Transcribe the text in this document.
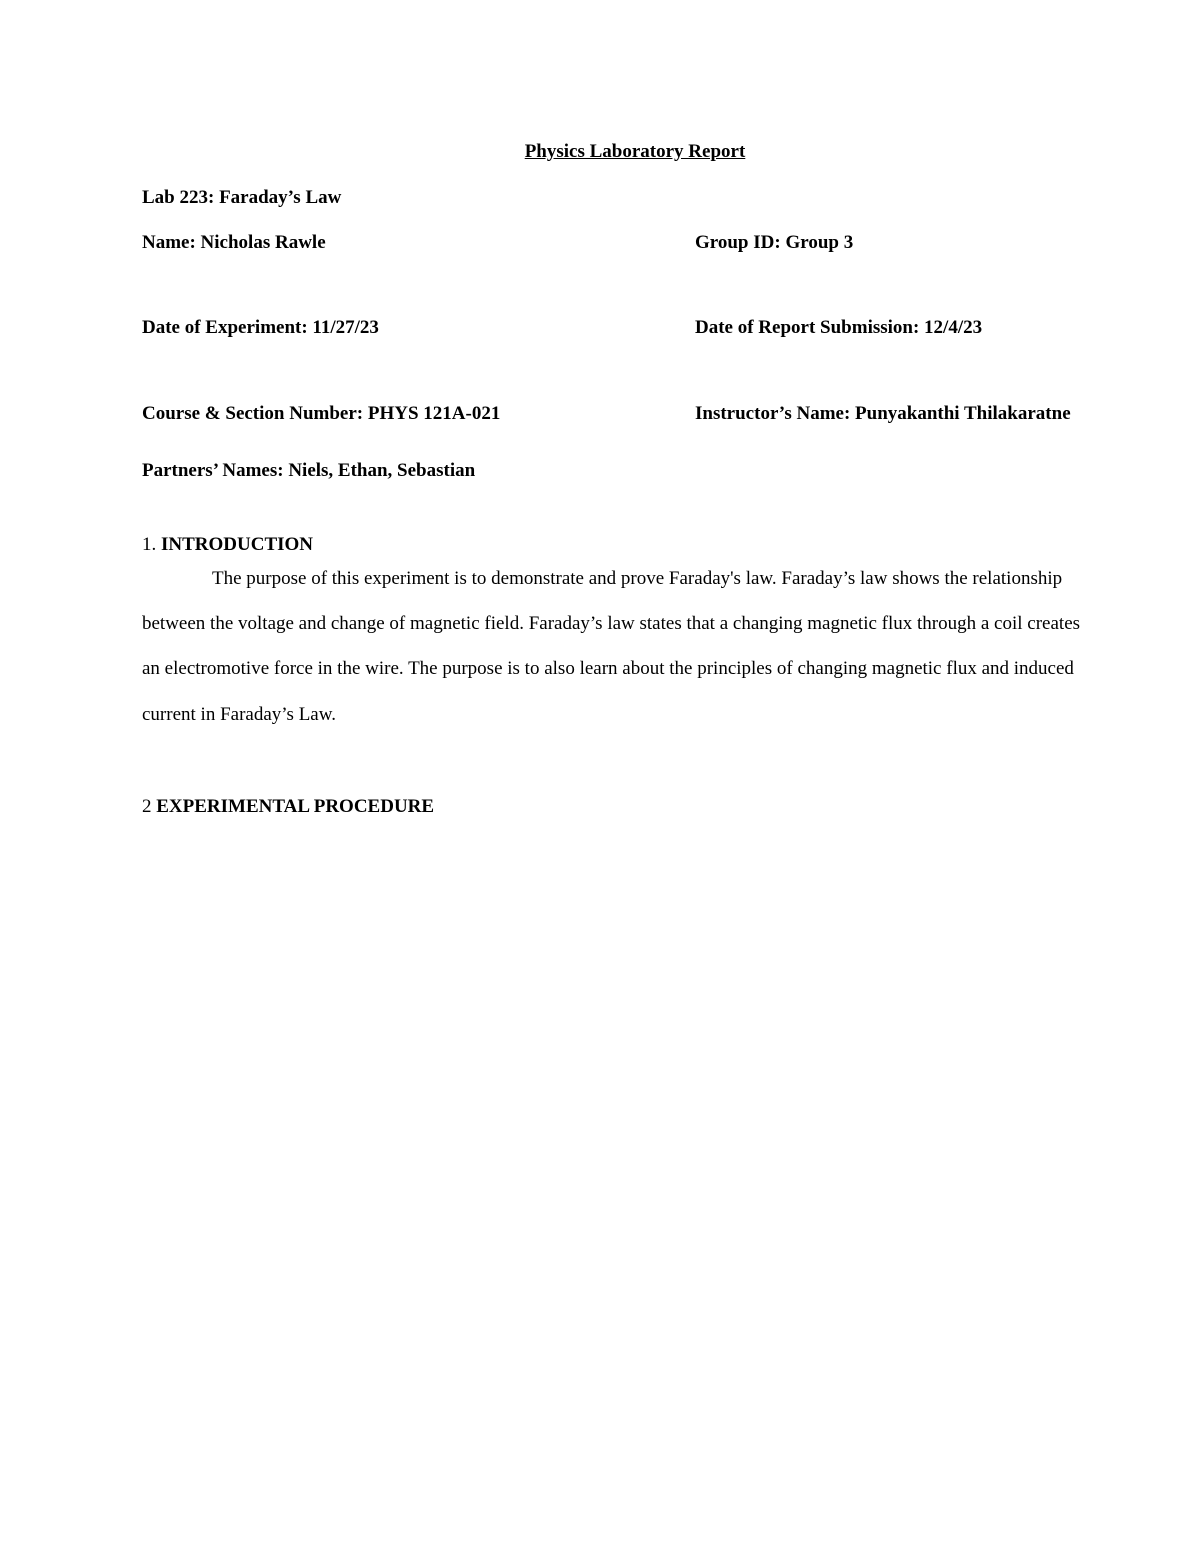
Physics Laboratory Report
Lab 223: Faraday’s Law
Name: Nicholas Rawle	Group ID: Group 3
Date of Experiment: 11/27/23	Date of Report Submission: 12/4/23
Course & Section Number: PHYS 121A-021	Instructor’s Name: Punyakanthi Thilakaratne
Partners’ Names: Niels, Ethan, Sebastian
1. INTRODUCTION
The purpose of this experiment is to demonstrate and prove Faraday's law. Faraday’s law shows the relationship
between the voltage and change of magnetic field. Faraday’s law states that a changing magnetic flux through a coil creates
an electromotive force in the wire. The purpose is to also learn about the principles of changing magnetic flux and induced
current in Faraday’s Law.
2 EXPERIMENTAL PROCEDURE
